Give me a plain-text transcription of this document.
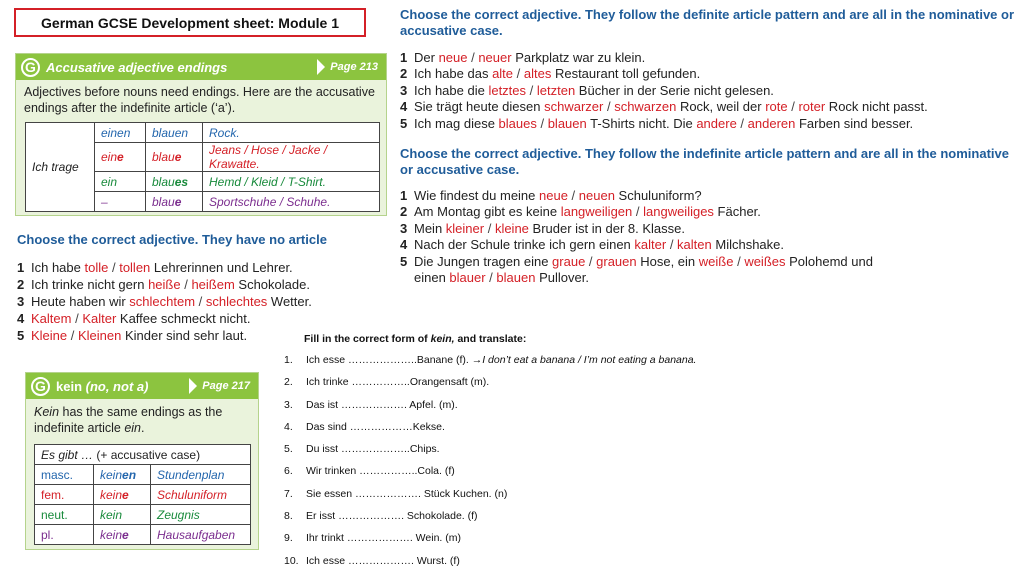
German GCSE Development sheet: Module 1
G Accusative adjective endings	Page 213
Adjectives before nouns need endings. Here are the accusative endings after the indefinite article (‘a’).
Ich trage	einen	blauen	Rock.
	eine	blaue	Jeans / Hose / Jacke / Krawatte.
	ein	blaues	Hemd / Kleid / T-Shirt.
	–	blaue	Sportschuhe / Schuhe.
Choose the correct adjective. They have no article
1 Ich habe tolle / tollen Lehrerinnen und Lehrer.
2 Ich trinke nicht gern heiße / heißem Schokolade.
3 Heute haben wir schlechtem / schlechtes Wetter.
4 Kaltem / Kalter Kaffee schmeckt nicht.
5 Kleine / Kleinen Kinder sind sehr laut.
G kein (no, not a)	Page 217
Kein has the same endings as the indefinite article ein.
Es gibt … (+ accusative case)		
masc.	keinen	Stundenplan
fem.	keine	Schuluniform
neut.	kein	Zeugnis
pl.	keine	Hausaufgaben
Choose the correct adjective. They follow the definite article pattern and are all in the nominative or accusative case.
1 Der neue / neuer Parkplatz war zu klein.
2 Ich habe das alte / altes Restaurant toll gefunden.
3 Ich habe die letztes / letzten Bücher in der Serie nicht gelesen.
4 Sie trägt heute diesen schwarzer / schwarzen Rock, weil der rote / roter Rock nicht passt.
5 Ich mag diese blaues / blauen T-Shirts nicht. Die andere / anderen Farben sind besser.
Choose the correct adjective. They follow the indefinite article pattern and are all in the nominative or accusative case.
1 Wie findest du meine neue / neuen Schuluniform?
2 Am Montag gibt es keine langweiligen / langweiliges Fächer.
3 Mein kleiner / kleine Bruder ist in der 8. Klasse.
4 Nach der Schule trinke ich gern einen kalter / kalten Milchshake.
5 Die Jungen tragen eine graue / grauen Hose, ein weiße / weißes Polohemd und
einen blauer / blauen Pullover.
Fill in the correct form of kein, and translate:
1. Ich esse ………………..Banane (f). →I don’t eat a banana / I’m not eating a banana.
2. Ich trinke ……………..Orangensaft (m).
3. Das ist ………………. Apfel. (m).
4. Das sind ………………Kekse.
5. Du isst ………………..Chips.
6. Wir trinken ……………..Cola. (f)
7. Sie essen ………………. Stück Kuchen. (n)
8. Er isst ………………. Schokolade. (f)
9. Ihr trinkt ………………. Wein. (m)
10. Ich esse ………………. Wurst. (f)
